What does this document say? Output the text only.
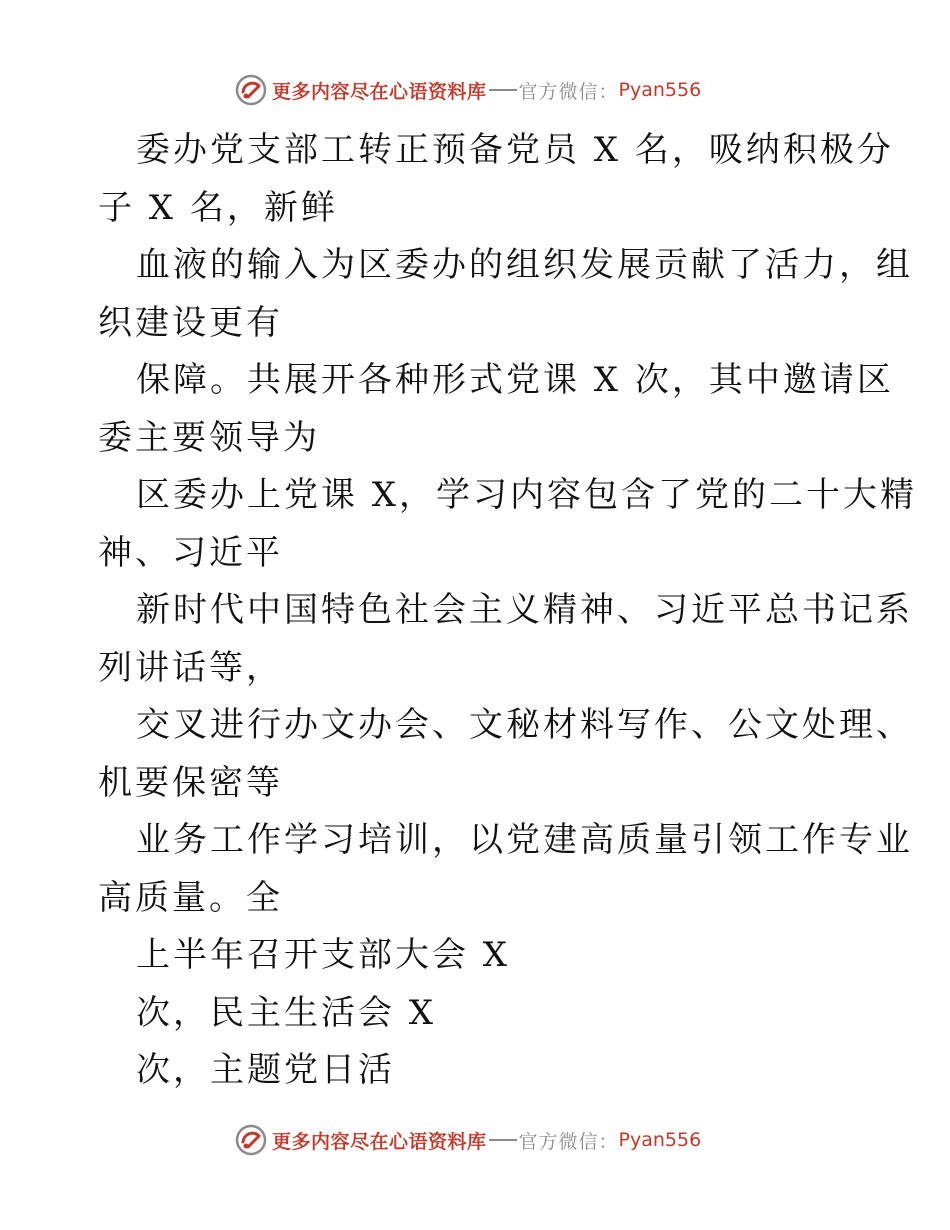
更多内容尽在心语资料库 官方微信： Pyan556
委办党支部工转正预备党员 X 名，吸纳积极分
子 X 名，新鲜
血液的输入为区委办的组织发展贡献了活力，组
织建设更有
保障。共展开各种形式党课 X 次，其中邀请区
委主要领导为
区委办上党课 X，学习内容包含了党的二十大精
神、习近平
新时代中国特色社会主义精神、习近平总书记系
列讲话等，
交叉进行办文办会、文秘材料写作、公文处理、
机要保密等
业务工作学习培训，以党建高质量引领工作专业
高质量。全
上半年召开支部大会 X
次，民主生活会 X
次，主题党日活
更多内容尽在心语资料库 官方微信： Pyan556
